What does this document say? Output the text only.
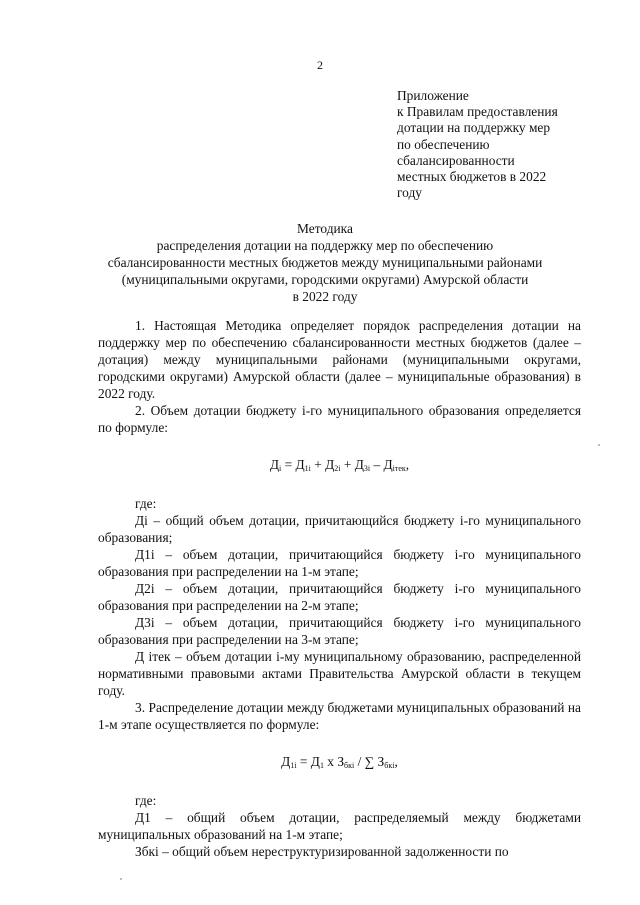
2
Приложение
к Правилам предоставления
дотации на поддержку мер
по обеспечению
сбалансированности
местных бюджетов в 2022
году
Методика
распределения дотации на поддержку мер по обеспечению
сбалансированности местных бюджетов между муниципальными районами
(муниципальными округами, городскими округами) Амурской области
в 2022 году

1. Настоящая Методика определяет порядок распределения дотации на поддержку мер по обеспечению сбалансированности местных бюджетов (далее – дотация) между муниципальными районами (муниципальными округами, городскими округами) Амурской области (далее – муниципальные образования) в 2022 году.

2. Объем дотации бюджету i-го муниципального образования определяется по формуле:

$Д_i = Д_{1i} + Д_{2i} + Д_{3i} - Д_{iтек}$,

где:

Дi – общий объем дотации, причитающийся бюджету i-го муниципального образования;

Д1i – объем дотации, причитающийся бюджету i-го муниципального образования при распределении на 1-м этапе;

Д2i – объем дотации, причитающийся бюджету i-го муниципального образования при распределении на 2-м этапе;

Д3i – объем дотации, причитающийся бюджету i-го муниципального образования при распределении на 3-м этапе;

Д iтек – объем дотации i-му муниципальному образованию, распределенной нормативными правовыми актами Правительства Амурской области в текущем году.

3. Распределение дотации между бюджетами муниципальных образований на 1-м этапе осуществляется по формуле:

$Д_{1i} = Д_1$ х $З_{бкi}$ / ∑ $З_{бкi}$,

где:

Д1 – общий объем дотации, распределяемый между бюджетами муниципальных образований на 1-м этапе;

Збкi – общий объем нереструктуризированной задолженности по
